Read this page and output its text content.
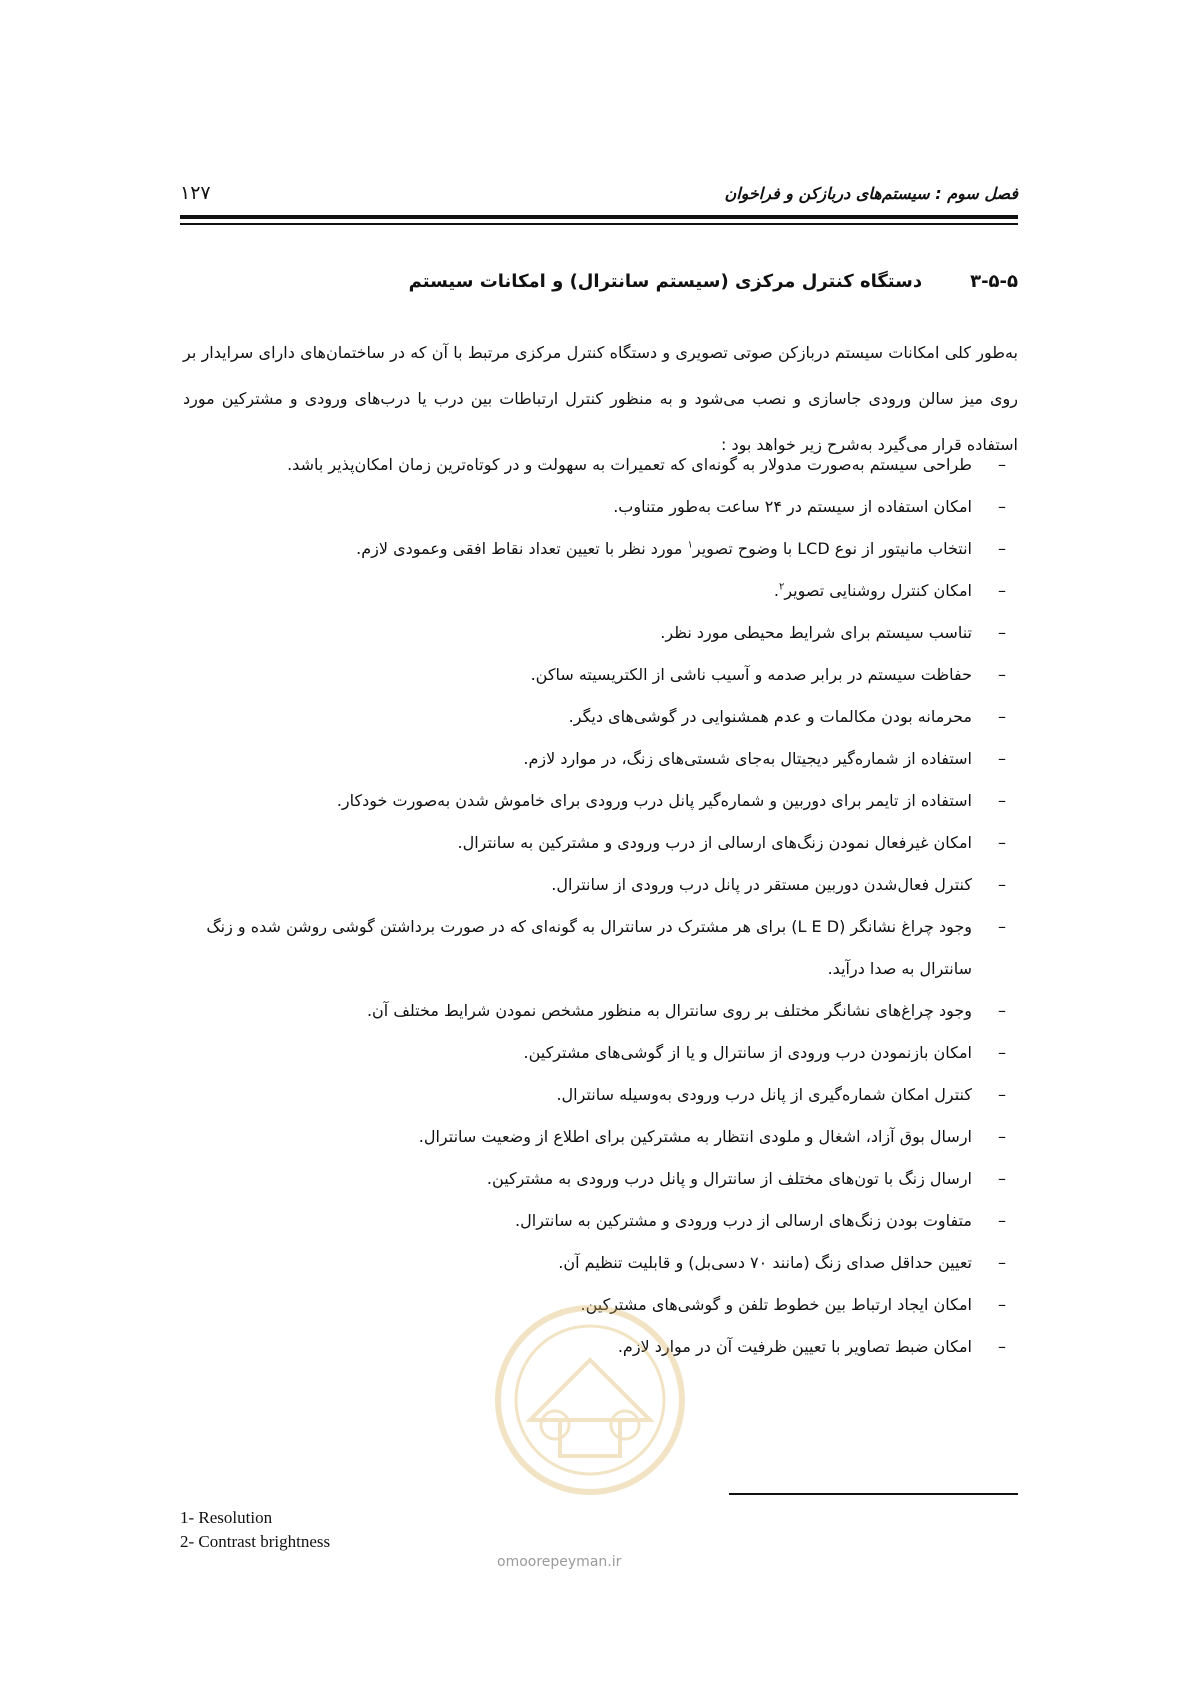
۱۲۷	فصل سوم : سیستم‌های دربازکن و فراخوان
۳-۵-۵دستگاه کنترل مرکزی (سیستم سانترال) و امکانات سیستم

به‌طور کلی امکانات سیستم دربازکن صوتی تصویری و دستگاه کنترل مرکزی مرتبط با آن که در ساختمان‌های دارای سرایدار بر روی میز سالن ورودی جاسازی و نصب می‌شود و به منظور کنترل ارتباطات بین درب یا درب‌های ورودی و مشترکین مورد استفاده قرار می‌گیرد به‌شرح زیر خواهد بود :

–
طراحی سیستم به‌صورت مدولار به گونه‌ای که تعمیرات به سهولت و در کوتاه‌ترین زمان امکان‌پذیر باشد.
–
امکان استفاده از سیستم در ۲۴ ساعت به‌طور متناوب.
–
انتخاب مانیتور از نوع LCD با وضوح تصویر$^۱$ مورد نظر با تعیین تعداد نقاط افقی وعمودی لازم.
–
امکان کنترل روشنایی تصویر$^۲$.
–
تناسب سیستم برای شرایط محیطی مورد نظر.
–
حفاظت سیستم در برابر صدمه و آسیب ناشی از الکتریسیته ساکن.
–
محرمانه بودن مکالمات و عدم همشنوایی در گوشی‌های دیگر.
–
استفاده از شماره‌گیر دیجیتال به‌جای شستی‌های زنگ، در موارد لازم.
–
استفاده از تایمر برای دوربین و شماره‌گیر پانل درب ورودی برای خاموش شدن به‌صورت خودکار.
–
امکان غیرفعال نمودن زنگ‌های ارسالی از درب ورودی و مشترکین به سانترال.
–
کنترل فعال‌شدن دوربین مستقر در پانل درب ورودی از سانترال.
–
وجود چراغ نشانگر (L E D) برای هر مشترک در سانترال به گونه‌ای که در صورت برداشتن گوشی روشن شده و زنگ سانترال به صدا درآید.
–
وجود چراغ‌های نشانگر مختلف بر روی سانترال به منظور مشخص نمودن شرایط مختلف آن.
–
امکان بازنمودن درب ورودی از سانترال و یا از گوشی‌های مشترکین.
–
کنترل امکان شماره‌گیری از پانل درب ورودی به‌وسیله سانترال.
–
ارسال بوق آزاد، اشغال و ملودی انتظار به مشترکین برای اطلاع از وضعیت سانترال.
–
ارسال زنگ با تون‌های مختلف از سانترال و پانل درب ورودی به مشترکین.
–
متفاوت بودن زنگ‌های ارسالی از درب ورودی و مشترکین به سانترال.
–
تعیین حداقل صدای زنگ (مانند ۷۰ دسی‌بل) و قابلیت تنظیم آن.
–
امکان ایجاد ارتباط بین خطوط تلفن و گوشی‌های مشترکین.
–
امکان ضبط تصاویر با تعیین ظرفیت آن در موارد لازم.
1- Resolution
2- Contrast brightness
omoorepeyman.ir
